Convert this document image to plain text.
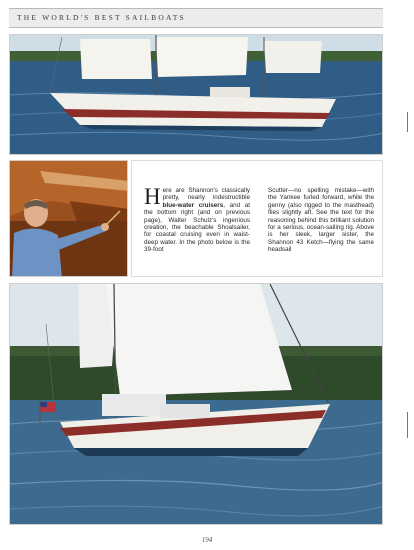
THE WORLD'S BEST SAILBOATS
Here are Shannon's classically pretty, nearly indestructible blue-water cruisers, and at the bottom right (and on previous page), Walter Schulz's ingenious creation, the beachable Shoalsailer, for coastal cruising even in waist-deep water. In the photo below is the 39-foot
Scutter—no spelling mistake—with the Yankee furled forward, while the genny (also rigged to the masthead) flies slightly aft. See the text for the reasoning behind this brilliant solution for a serious, ocean-sailing rig. Above is her sleek, larger sister, the Shannon 43 Ketch—flying the same headsail
194
